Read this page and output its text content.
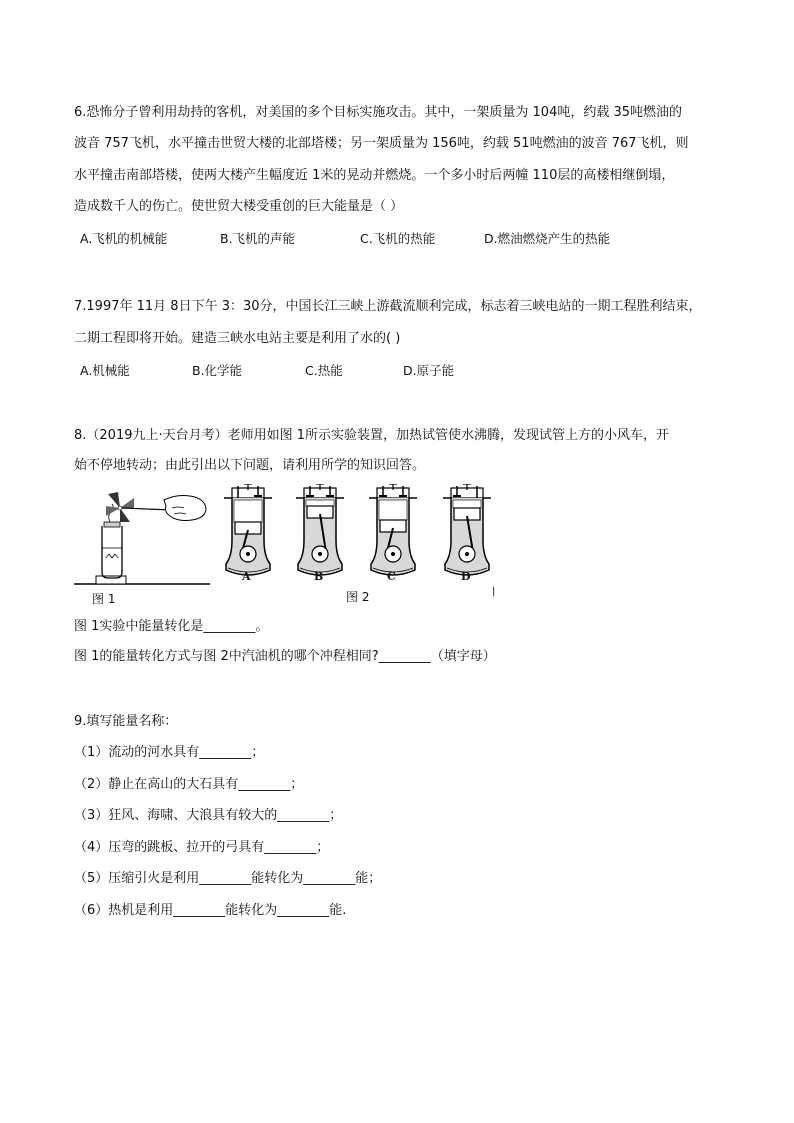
6.恐怖分子曾利用劫持的客机，对美国的多个目标实施攻击。其中，一架质量为 104吨，约载 35吨燃油的
波音 757飞机，水平撞击世贸大楼的北部塔楼；另一架质量为 156吨，约载 51吨燃油的波音 767飞机，则
水平撞击南部塔楼，使两大楼产生幅度近 1米的晃动并燃烧。一个多小时后两幢 110层的高楼相继倒塌，
造成数千人的伤亡。使世贸大楼受重创的巨大能量是（ ）
A.飞机的机械能	B.飞机的声能	C.飞机的热能	D.燃油燃烧产生的热能
7.1997年 11月 8日下午 3：30分，中国长江三峡上游截流顺利完成，标志着三峡电站的一期工程胜利结束，
二期工程即将开始。建造三峡水电站主要是利用了水的( )
A.机械能	B.化学能	C.热能	D.原子能
8.（2019九上·天台月考）老师用如图 1所示实验装置，加热试管使水沸腾，发现试管上方的小风车，开
始不停地转动；由此引出以下问题，请利用所学的知识回答。
图 1
A	B	C	D
图 2	|
图 1实验中能量转化是________。
图 1的能量转化方式与图 2中汽油机的哪个冲程相同?________（填字母）
9.填写能量名称：
（1）流动的河水具有________；
（2）静止在高山的大石具有________；
（3）狂风、海啸、大浪具有较大的________；
（4）压弯的跳板、拉开的弓具有________；
（5）压缩引火是利用________能转化为________能；
（6）热机是利用________能转化为________能.
